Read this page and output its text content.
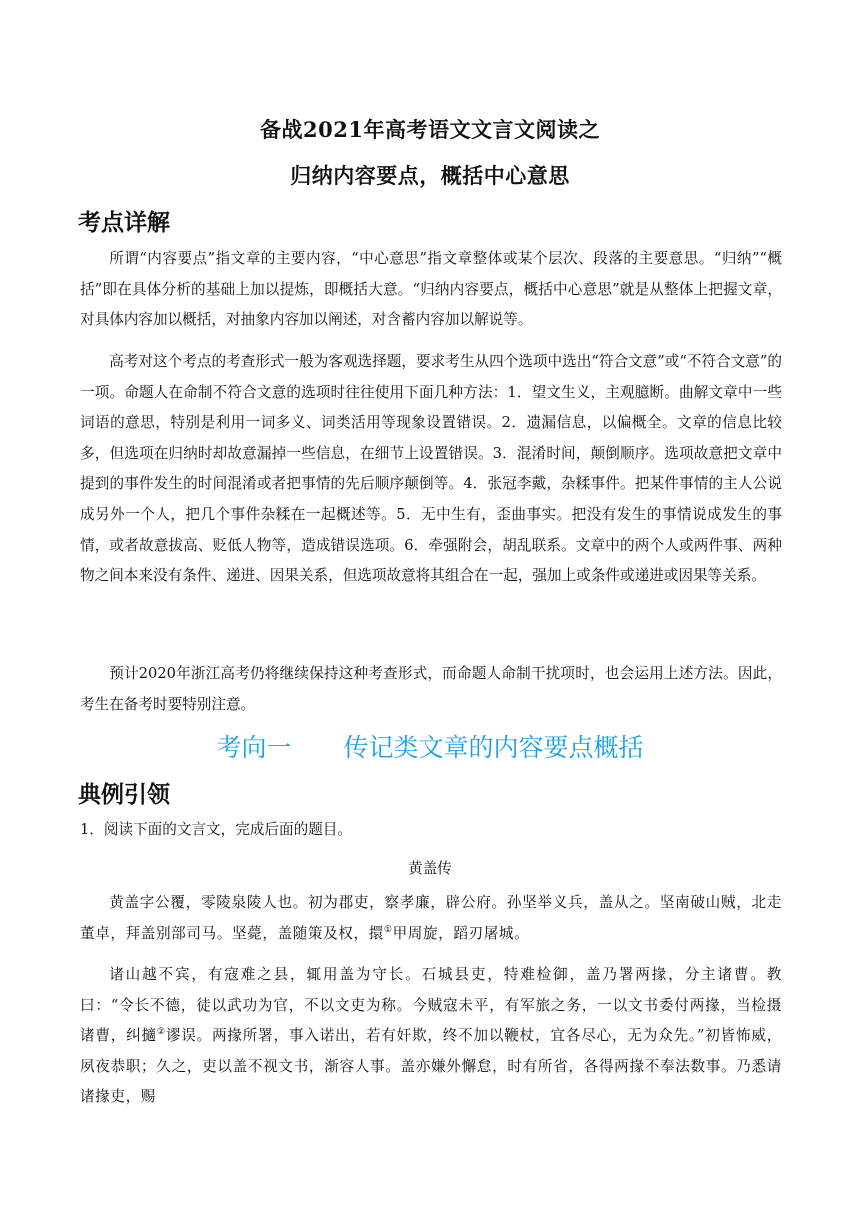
备战2021年高考语文文言文阅读之
归纳内容要点，概括中心意思
考点详解
所谓“内容要点”指文章的主要内容，“中心意思”指文章整体或某个层次、段落的主要意思。“归纳”“概括”即在具体分析的基础上加以提炼，即概括大意。“归纳内容要点，概括中心意思”就是从整体上把握文章，对具体内容加以概括，对抽象内容加以阐述，对含蓄内容加以解说等。
高考对这个考点的考查形式一般为客观选择题，要求考生从四个选项中选出“符合文意”或“不符合文意”的一项。命题人在命制不符合文意的选项时往往使用下面几种方法：1．望文生义，主观臆断。曲解文章中一些词语的意思，特别是利用一词多义、词类活用等现象设置错误。2．遗漏信息，以偏概全。文章的信息比较多，但选项在归纳时却故意漏掉一些信息，在细节上设置错误。3．混淆时间，颠倒顺序。选项故意把文章中提到的事件发生的时间混淆或者把事情的先后顺序颠倒等。4．张冠李戴，杂糅事件。把某件事情的主人公说成另外一个人，把几个事件杂糅在一起概述等。5．无中生有，歪曲事实。把没有发生的事情说成发生的事情，或者故意拔高、贬低人物等，造成错误选项。6．牵强附会，胡乱联系。文章中的两个人或两件事、两种物之间本来没有条件、递进、因果关系，但选项故意将其组合在一起，强加上或条件或递进或因果等关系。
预计2020年浙江高考仍将继续保持这种考查形式，而命题人命制干扰项时，也会运用上述方法。因此，考生在备考时要特别注意。
考向一 传记类文章的内容要点概括
典例引领
1．阅读下面的文言文，完成后面的题目。
黄盖传
黄盖字公覆，零陵泉陵人也。初为郡吏，察孝廉，辟公府。孙坚举义兵，盖从之。坚南破山贼，北走董卓，拜盖别部司马。坚薨，盖随策及权，擐①甲周旋，蹈刃屠城。
诸山越不宾，有寇难之县，辄用盖为守长。石城县吏，特难检御，盖乃署两掾，分主诸曹。教曰：“令长不德，徒以武功为官，不以文吏为称。今贼寇未平，有军旅之务，一以文书委付两掾，当检摄诸曹，纠擿②谬误。两掾所署，事入诺出，若有奸欺，终不加以鞭杖，宜各尽心，无为众先。”初皆怖威，夙夜恭职；久之，吏以盖不视文书，渐容人事。盖亦嫌外懈怠，时有所省，各得两掾不奉法数事。乃悉请诸掾吏，赐
